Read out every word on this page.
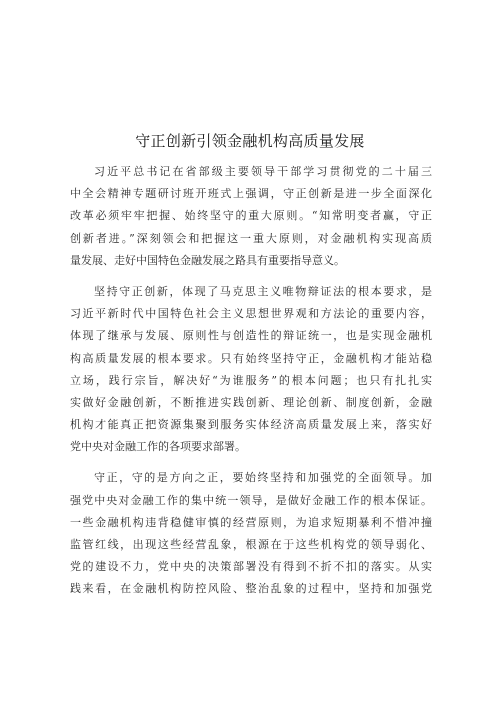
守正创新引领金融机构高质量发展
习近平总书记在省部级主要领导干部学习贯彻党的二十届三
中全会精神专题研讨班开班式上强调，守正创新是进一步全面深化
改革必须牢牢把握、始终坚守的重大原则。“知常明变者赢，守正
创新者进。”深刻领会和把握这一重大原则，对金融机构实现高质
量发展、走好中国特色金融发展之路具有重要指导意义。
坚持守正创新，体现了马克思主义唯物辩证法的根本要求，是
习近平新时代中国特色社会主义思想世界观和方法论的重要内容，
体现了继承与发展、原则性与创造性的辩证统一，也是实现金融机
构高质量发展的根本要求。只有始终坚持守正，金融机构才能站稳
立场，践行宗旨，解决好“为谁服务”的根本问题；也只有扎扎实
实做好金融创新，不断推进实践创新、理论创新、制度创新，金融
机构才能真正把资源集聚到服务实体经济高质量发展上来，落实好
党中央对金融工作的各项要求部署。
守正，守的是方向之正，要始终坚持和加强党的全面领导。加
强党中央对金融工作的集中统一领导，是做好金融工作的根本保证。
一些金融机构违背稳健审慎的经营原则，为追求短期暴利不惜冲撞
监管红线，出现这些经营乱象，根源在于这些机构党的领导弱化、
党的建设不力，党中央的决策部署没有得到不折不扣的落实。从实
践来看，在金融机构防控风险、整治乱象的过程中，坚持和加强党
